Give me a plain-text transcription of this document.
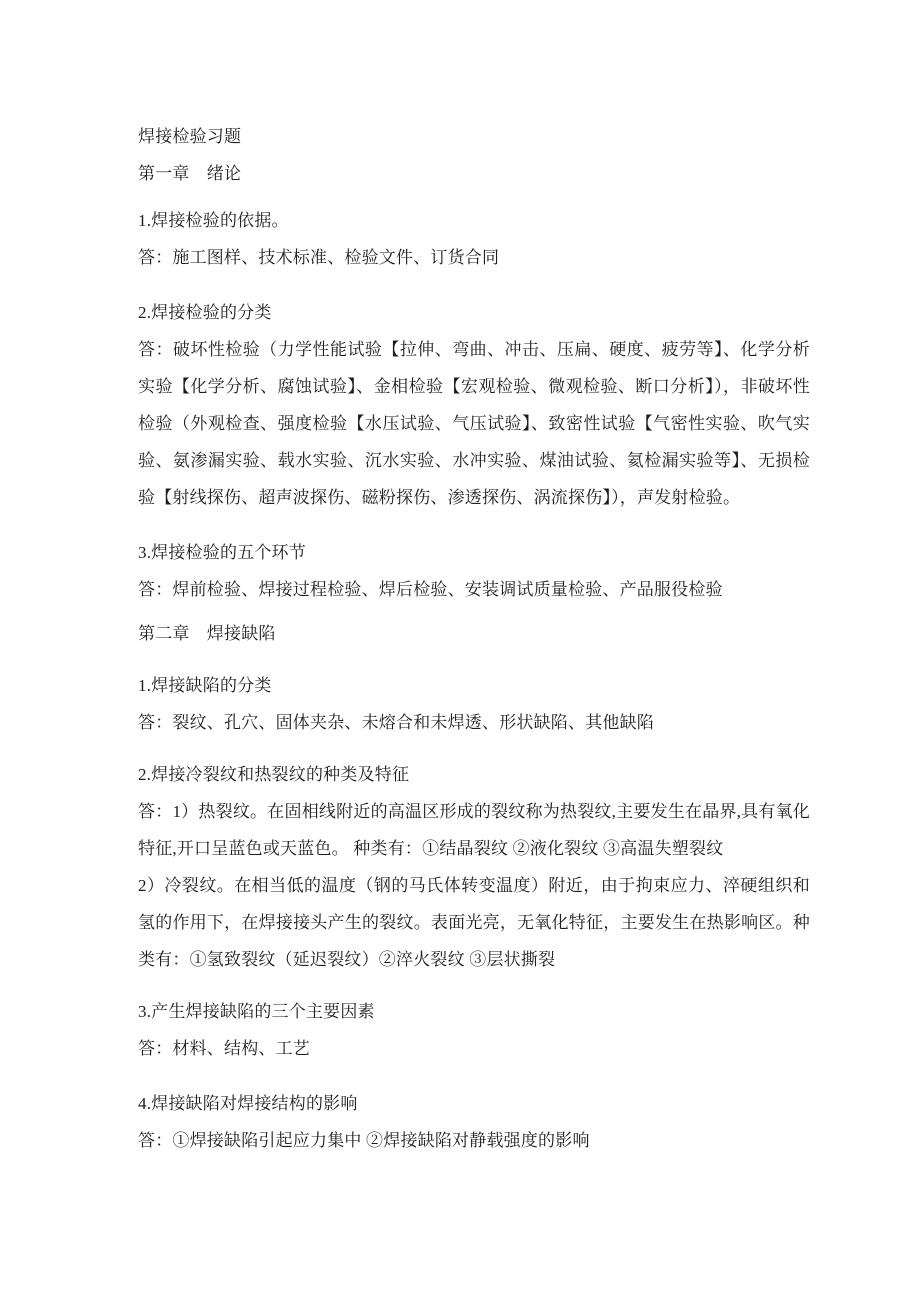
焊接检验习题

第一章　绪论

1.焊接检验的依据。

答：施工图样、技术标准、检验文件、订货合同

2.焊接检验的分类

答：破坏性检验（力学性能试验【拉伸、弯曲、冲击、压扁、硬度、疲劳等】、化学分析实验【化学分析、腐蚀试验】、金相检验【宏观检验、微观检验、断口分析】），非破坏性检验（外观检查、强度检验【水压试验、气压试验】、致密性试验【气密性实验、吹气实验、氨渗漏实验、载水实验、沉水实验、水冲实验、煤油试验、氦检漏实验等】、无损检验【射线探伤、超声波探伤、磁粉探伤、渗透探伤、涡流探伤】），声发射检验。

3.焊接检验的五个环节

答：焊前检验、焊接过程检验、焊后检验、安装调试质量检验、产品服役检验

第二章　焊接缺陷

1.焊接缺陷的分类

答：裂纹、孔穴、固体夹杂、未熔合和未焊透、形状缺陷、其他缺陷

2.焊接冷裂纹和热裂纹的种类及特征

答：1）热裂纹。在固相线附近的高温区形成的裂纹称为热裂纹,主要发生在晶界,具有氧化特征,开口呈蓝色或天蓝色。 种类有：①结晶裂纹 ②液化裂纹 ③高温失塑裂纹

2）冷裂纹。在相当低的温度（钢的马氏体转变温度）附近，由于拘束应力、淬硬组织和氢的作用下，在焊接接头产生的裂纹。表面光亮，无氧化特征，主要发生在热影响区。种类有：①氢致裂纹（延迟裂纹）②淬火裂纹 ③层状撕裂

3.产生焊接缺陷的三个主要因素

答：材料、结构、工艺

4.焊接缺陷对焊接结构的影响

答：①焊接缺陷引起应力集中 ②焊接缺陷对静载强度的影响
